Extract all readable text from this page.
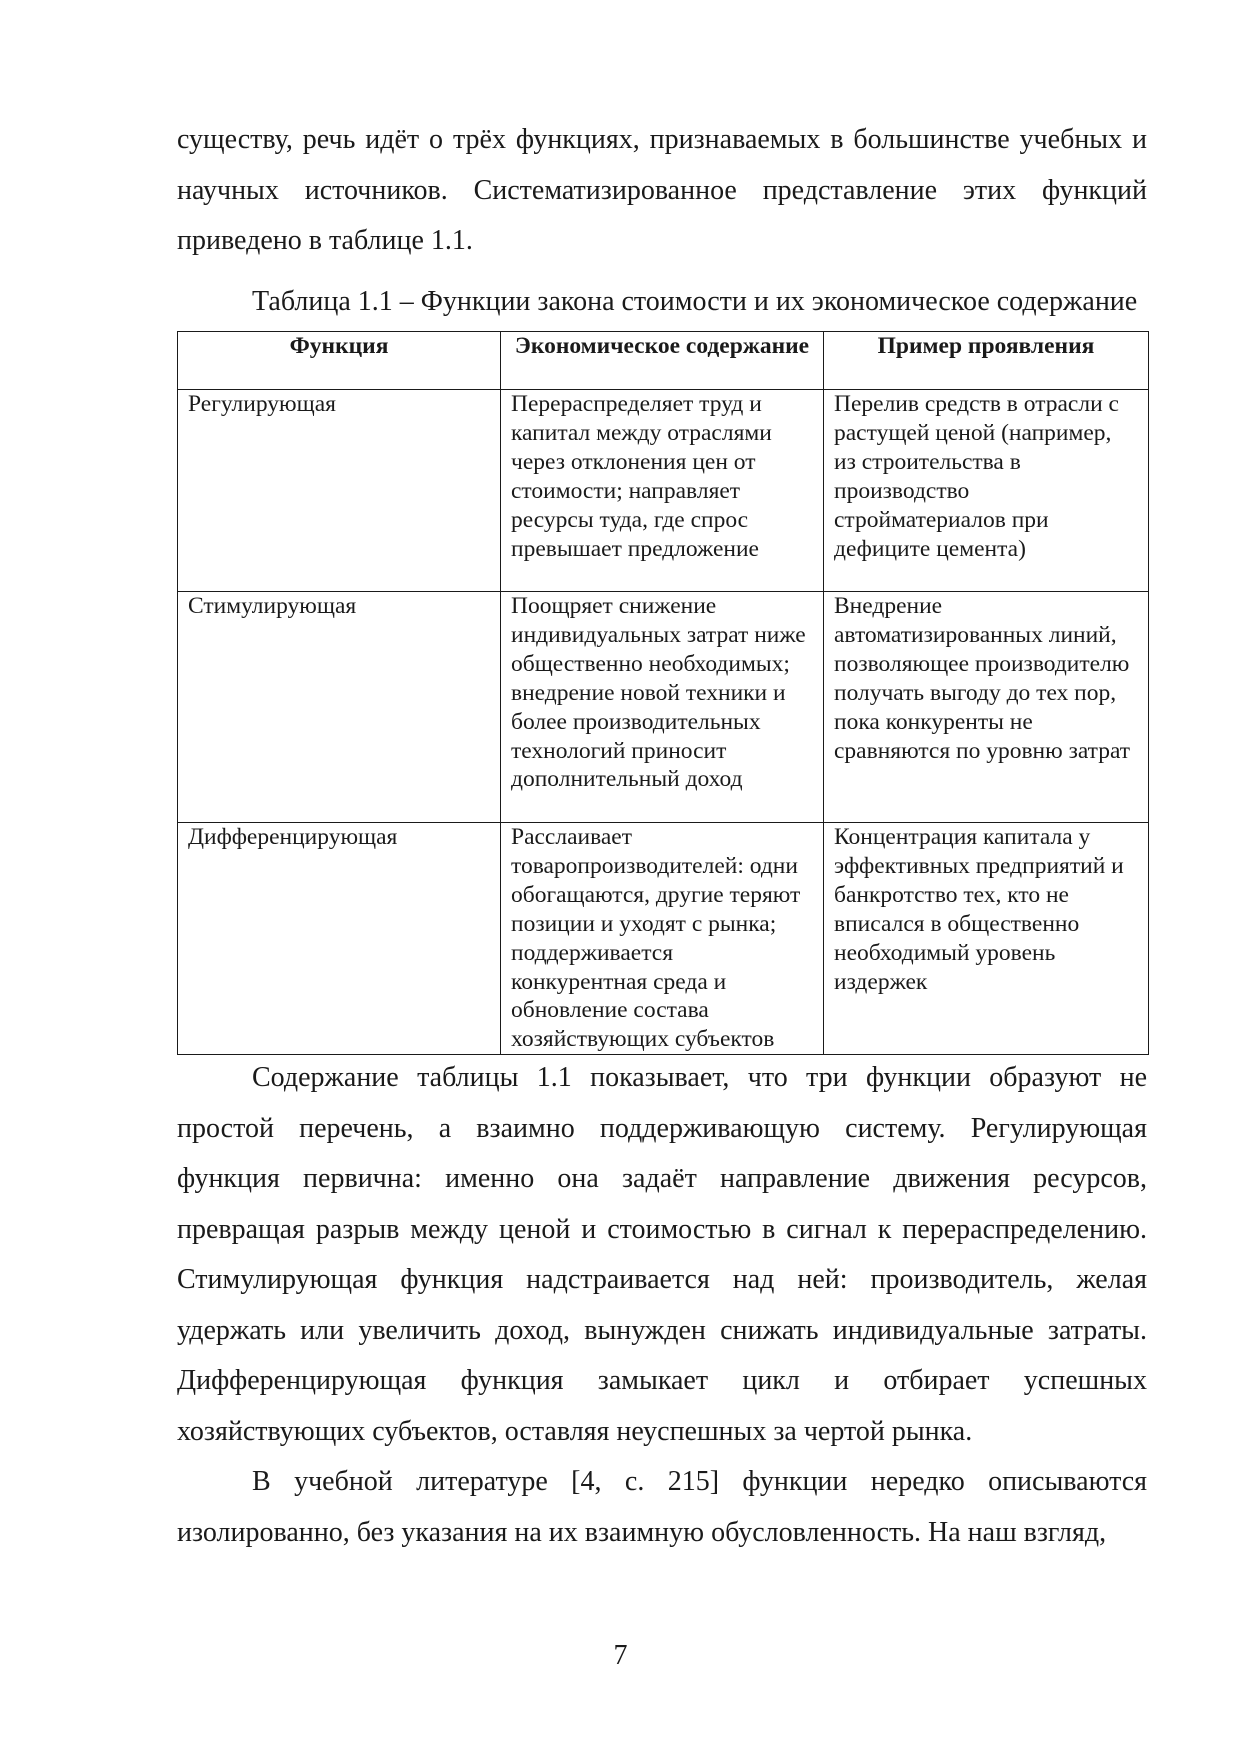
существу, речь идёт о трёх функциях, признаваемых в большинстве учебных и научных источников. Систематизированное представление этих функций приведено в таблице 1.1.

Таблица 1.1 – Функции закона стоимости и их экономическое содержание

Функция	Экономическое содержание	Пример проявления
Регулирующая	Перераспределяет труд и капитал между отраслями через отклонения цен от стоимости; направляет ресурсы туда, где спрос превышает предложение	Перелив средств в отрасли с растущей ценой (например, из строительства в производство стройматериалов при дефиците цемента)
Стимулирующая	Поощряет снижение индивидуальных затрат ниже общественно необходимых; внедрение новой техники и более производительных технологий приносит дополнительный доход	Внедрение автоматизированных линий, позволяющее производителю получать выгоду до тех пор, пока конкуренты не сравняются по уровню затрат
Дифференцирующая	Расслаивает товаропроизводителей: одни обогащаются, другие теряют позиции и уходят с рынка; поддерживается конкурентная среда и обновление состава хозяйствующих субъектов	Концентрация капитала у эффективных предприятий и банкротство тех, кто не вписался в общественно необходимый уровень издержек

Содержание таблицы 1.1 показывает, что три функции образуют не простой перечень, а взаимно поддерживающую систему. Регулирующая функция первична: именно она задаёт направление движения ресурсов, превращая разрыв между ценой и стоимостью в сигнал к перераспределению. Стимулирующая функция надстраивается над ней: производитель, желая удержать или увеличить доход, вынужден снижать индивидуальные затраты. Дифференцирующая функция замыкает цикл и отбирает успешных хозяйствующих субъектов, оставляя неуспешных за чертой рынка.

В учебной литературе [4, с. 215] функции нередко описываются изолированно, без указания на их взаимную обусловленность. На наш взгляд,

7
